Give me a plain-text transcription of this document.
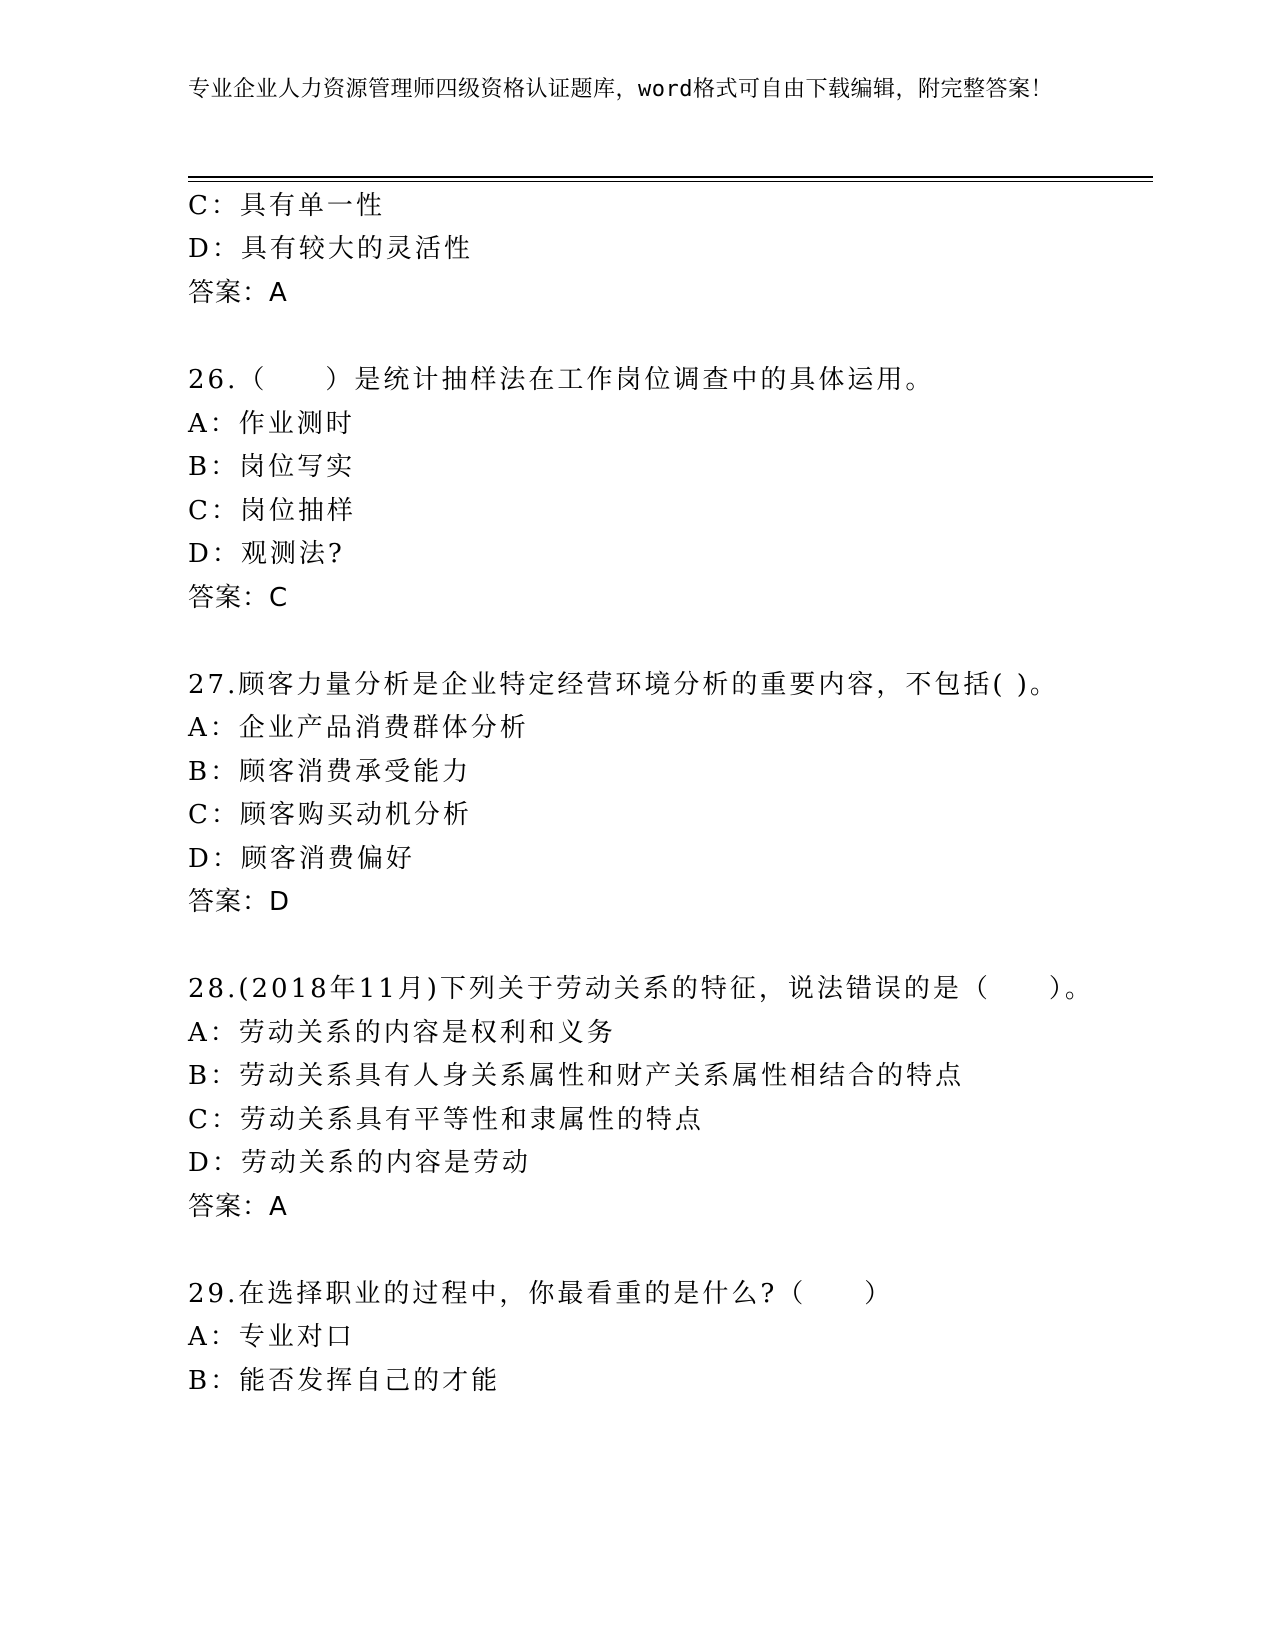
专业企业人力资源管理师四级资格认证题库，word格式可自由下载编辑，附完整答案！
C：具有单一性
D：具有较大的灵活性
答案：A
26.（　　）是统计抽样法在工作岗位调查中的具体运用。
A：作业测时
B：岗位写实
C：岗位抽样
D：观测法?
答案：C
27.顾客力量分析是企业特定经营环境分析的重要内容，不包括( )。
A：企业产品消费群体分析
B：顾客消费承受能力
C：顾客购买动机分析
D：顾客消费偏好
答案：D
28.(2018年11月)下列关于劳动关系的特征，说法错误的是（　　）。
A：劳动关系的内容是权利和义务
B：劳动关系具有人身关系属性和财产关系属性相结合的特点
C：劳动关系具有平等性和隶属性的特点
D：劳动关系的内容是劳动
答案：A
29.在选择职业的过程中，你最看重的是什么?（　　）
A：专业对口
B：能否发挥自己的才能
